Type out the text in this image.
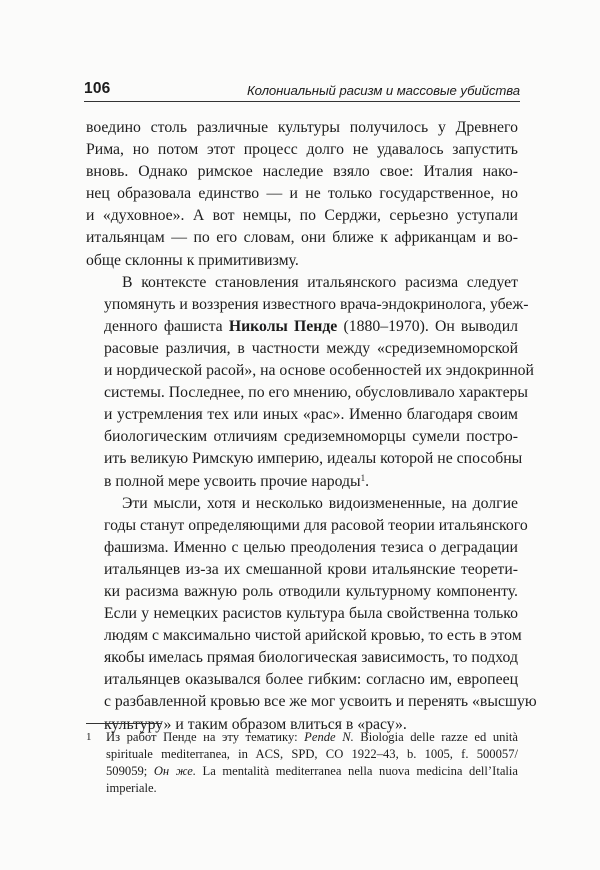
106	Колониальный расизм и массовые убийства

воедино столь различные культуры получилось у Древнего
Рима, но потом этот процесс долго не удавалось запустить
вновь. Однако римское наследие взяло свое: Италия нако-
нец образовала единство — и не только государственное, но
и «духовное». А вот немцы, по Серджи, серьезно уступали
итальянцам — по его словам, они ближе к африканцам и во-
обще склонны к примитивизму.

В контексте становления итальянского расизма следует
упомянуть и воззрения известного врача-эндокринолога, убеж-
денного фашиста Николы Пенде (1880–1970). Он выводил
расовые различия, в частности между «средиземноморской
и нордической расой», на основе особенностей их эндокринной
системы. Последнее, по его мнению, обусловливало характеры
и устремления тех или иных «рас». Именно благодаря своим
биологическим отличиям средиземноморцы сумели постро-
ить великую Римскую империю, идеалы которой не способны
в полной мере усвоить прочие народы$^1$.

Эти мысли, хотя и несколько видоизмененные, на долгие
годы станут определяющими для расовой теории итальянского
фашизма. Именно с целью преодоления тезиса о деградации
итальянцев из-за их смешанной крови итальянские теорети-
ки расизма важную роль отводили культурному компоненту.
Если у немецких расистов культура была свойственна только
людям с максимально чистой арийской кровью, то есть в этом
якобы имелась прямая биологическая зависимость, то подход
итальянцев оказывался более гибким: согласно им, европеец
с разбавленной кровью все же мог усвоить и перенять «высшую
культуру» и таким образом влиться в «расу».

1	Из работ Пенде на эту тематику: Pende N. Biologia delle razze ed unità
spirituale mediterranea, in ACS, SPD, CO 1922–43, b. 1005, f. 500057/
509059; Он же. La mentalità mediterranea nella nuova medicina dell’Italia
imperiale.
